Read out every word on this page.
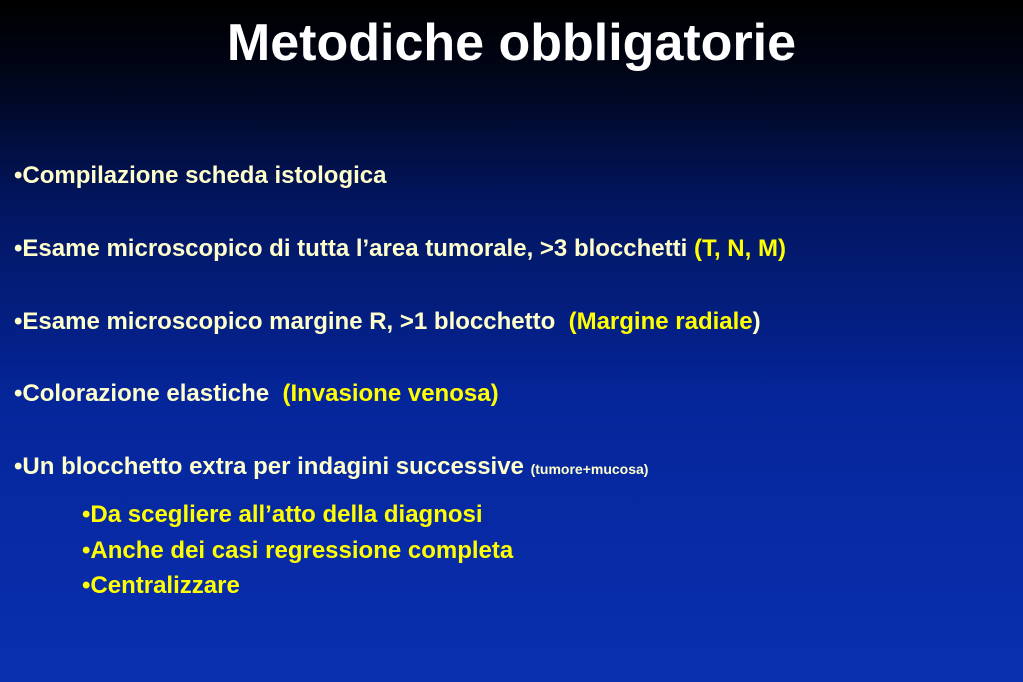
Metodiche obbligatorie
•Compilazione scheda istologica
•Esame microscopico di tutta l’area tumorale, >3 blocchetti (T, N, M)
•Esame microscopico margine R, >1 blocchetto  (Margine radiale)
•Colorazione elastiche  (Invasione venosa)
•Un blocchetto extra per indagini successive (tumore+mucosa)
•Da scegliere all’atto della diagnosi
•Anche dei casi regressione completa
•Centralizzare
